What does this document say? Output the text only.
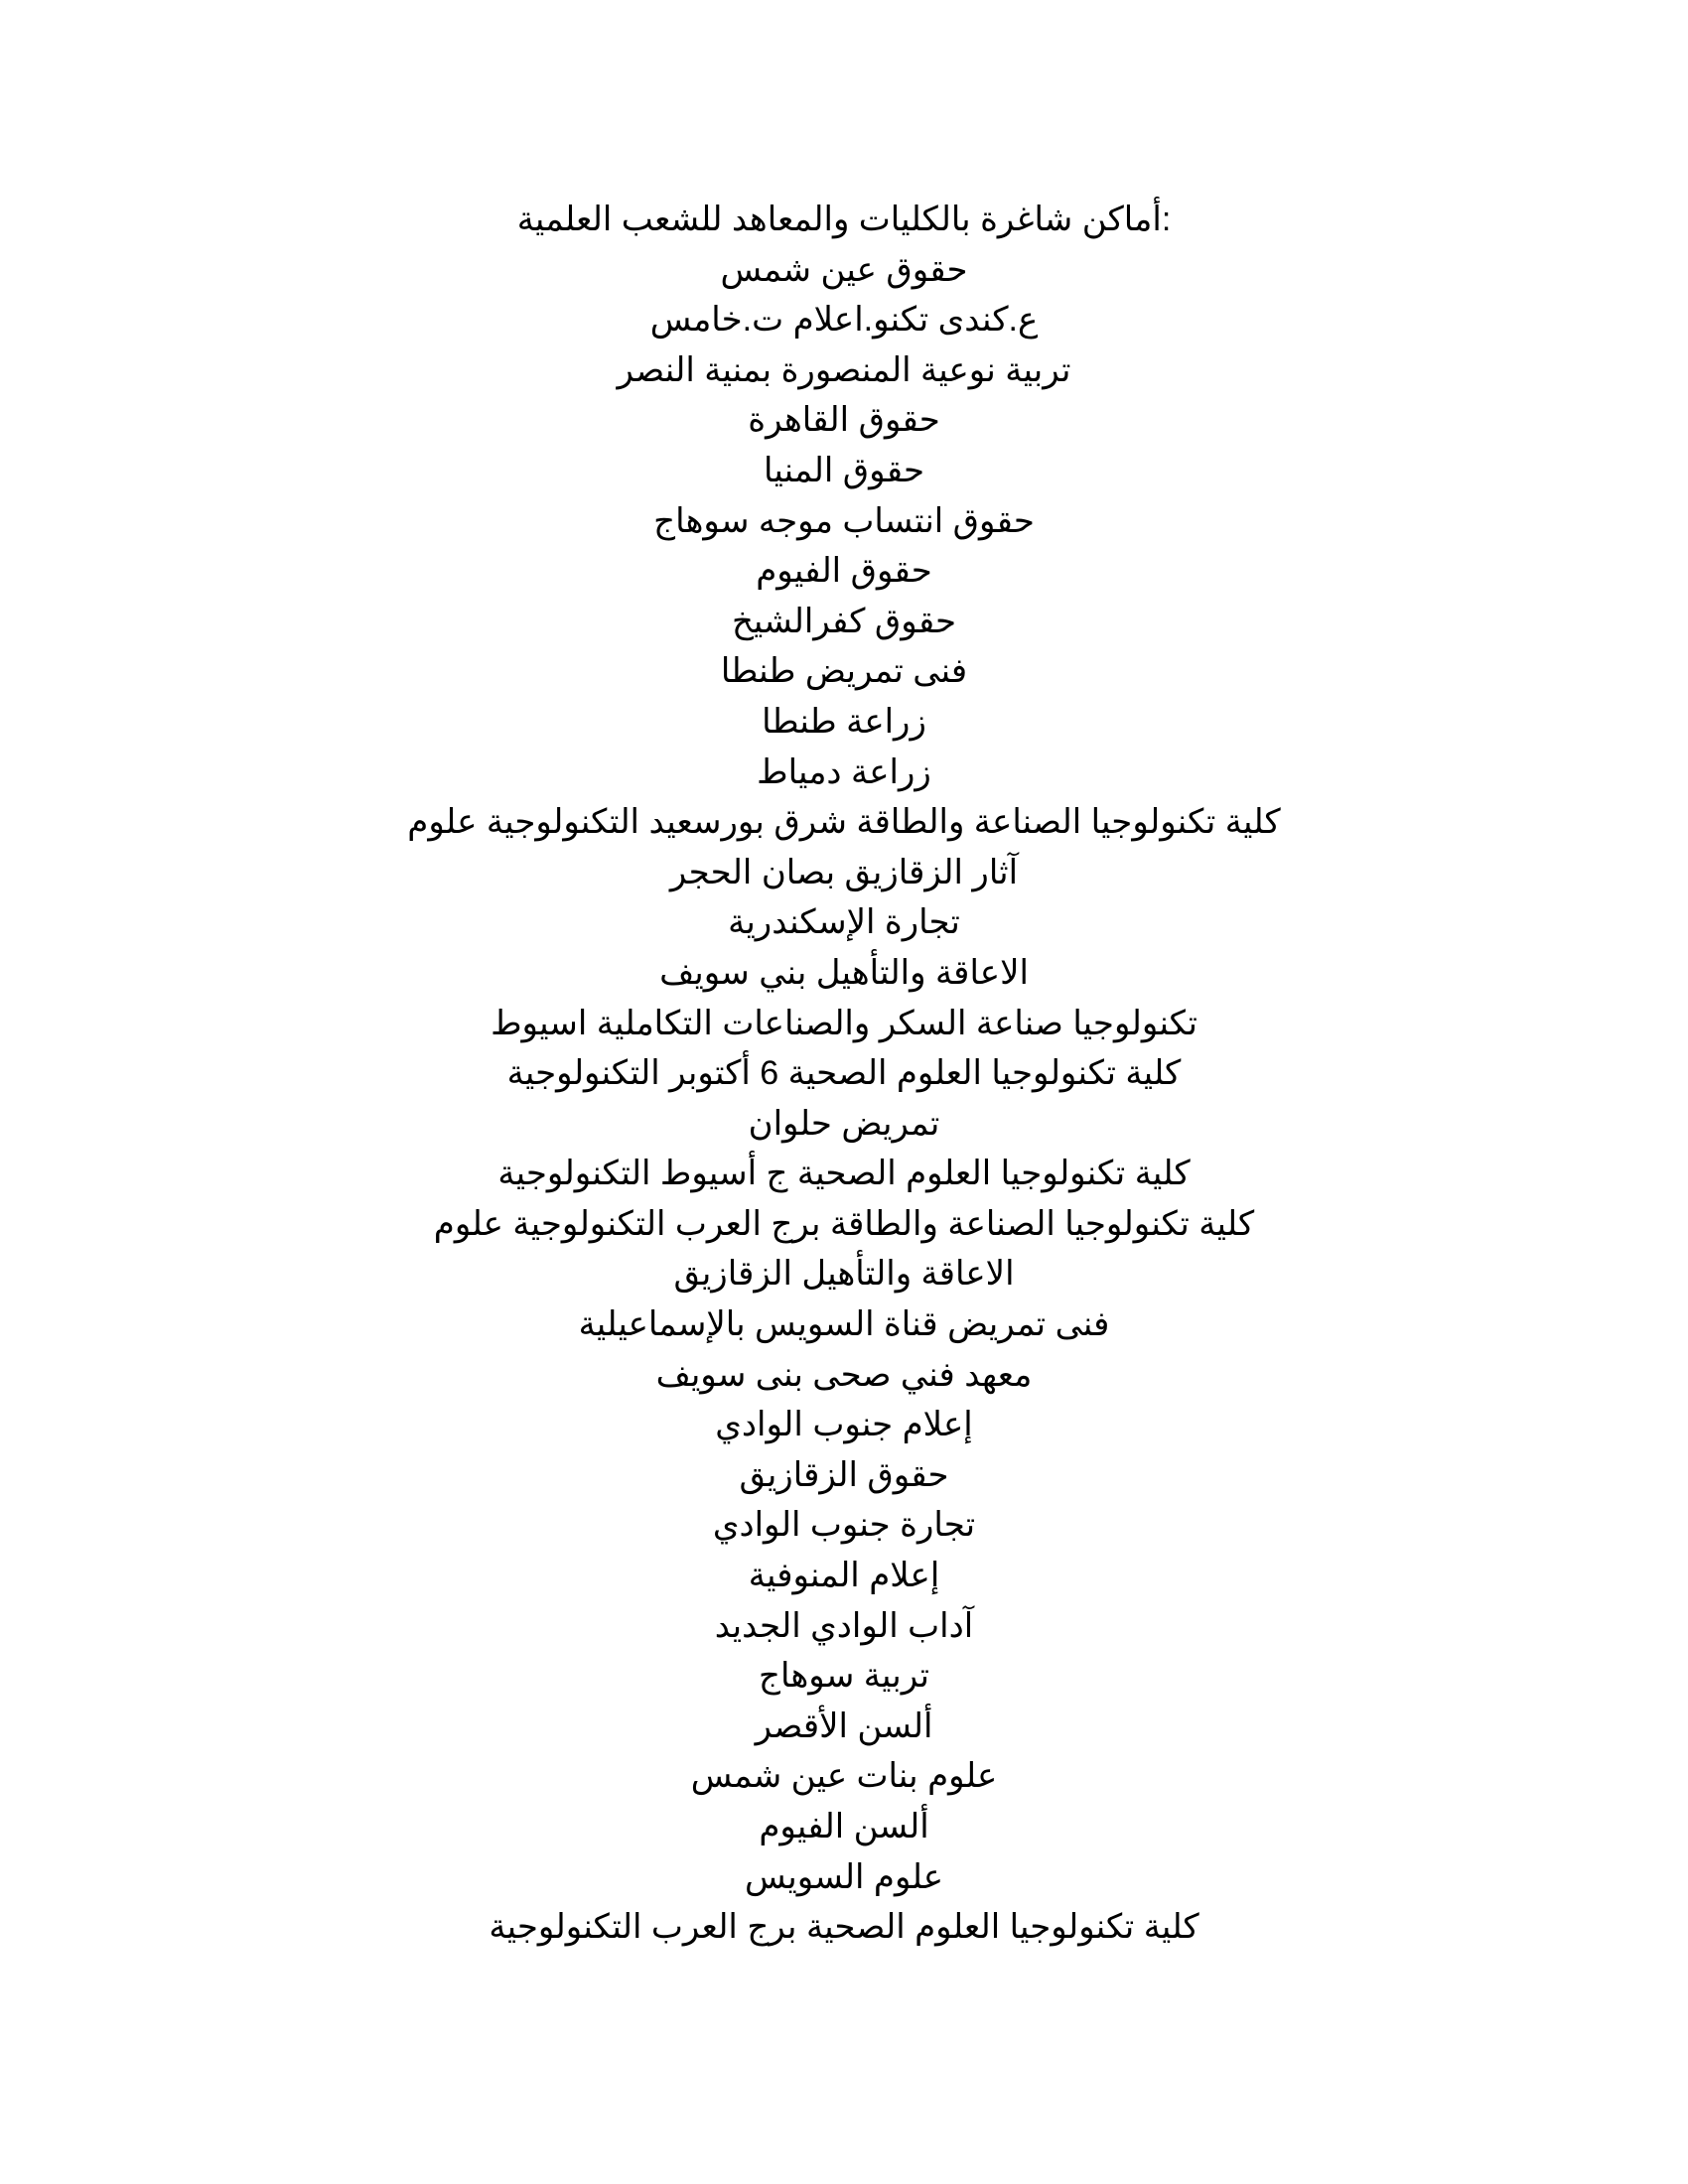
:أماكن شاغرة بالكليات والمعاهد للشعب العلمية
حقوق عين شمس
ع.كندى تكنو.اعلام ت.خامس
تربية نوعية المنصورة بمنية النصر
حقوق القاهرة
حقوق المنيا
حقوق انتساب موجه سوهاج
حقوق الفيوم
حقوق كفرالشيخ
فنى تمريض طنطا
زراعة طنطا
زراعة دمياط
كلية تكنولوجيا الصناعة والطاقة شرق بورسعيد التكنولوجية علوم
آثار الزقازيق بصان الحجر
تجارة الإسكندرية
الاعاقة والتأهيل بني سويف
تكنولوجيا صناعة السكر والصناعات التكاملية اسيوط
كلية تكنولوجيا العلوم الصحية 6 أكتوبر التكنولوجية
تمريض حلوان
كلية تكنولوجيا العلوم الصحية ج أسيوط التكنولوجية
كلية تكنولوجيا الصناعة والطاقة برج العرب التكنولوجية علوم
الاعاقة والتأهيل الزقازيق
فنى تمريض قناة السويس بالإسماعيلية
معهد فني صحى بنى سويف
إعلام جنوب الوادي
حقوق الزقازيق
تجارة جنوب الوادي
إعلام المنوفية
آداب الوادي الجديد
تربية سوهاج
ألسن الأقصر
علوم بنات عين شمس
ألسن الفيوم
علوم السويس
كلية تكنولوجيا العلوم الصحية برج العرب التكنولوجية
